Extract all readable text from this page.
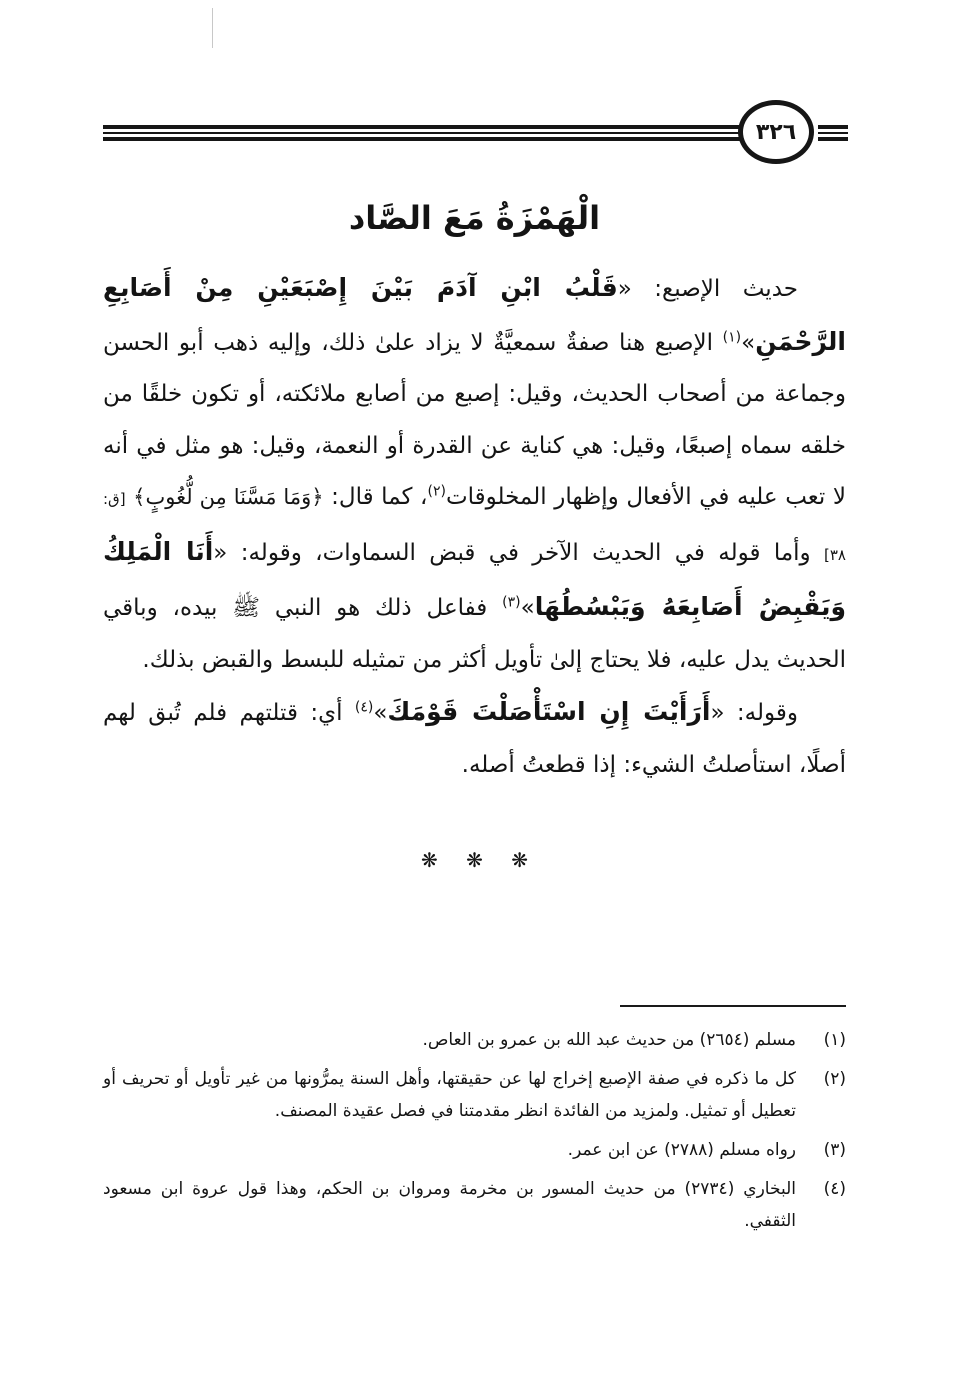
٣٢٦
الْهَمْزَةُ مَعَ الصَّاد

حديث الإصبع: «قَلْبُ ابْنِ آدَمَ بَيْنَ إِصْبَعَيْنِ مِنْ أَصَابِعِ الرَّحْمَنِ»$^{(١)}$ الإصبع هنا صفةٌ سمعيَّةٌ لا يزاد علىٰ ذلك، وإليه ذهب أبو الحسن وجماعة من أصحاب الحديث، وقيل: إصبع من أصابع ملائكته، أو تكون خلقًا من خلقه سماه إصبعًا، وقيل: هي كناية عن القدرة أو النعمة، وقيل: هو مثل في أنه لا تعب عليه في الأفعال وإظهار المخلوقات$^{(٢)}$، كما قال: ﴿وَمَا مَسَّنَا مِن لُّغُوبٍ﴾ [ق: ٣٨] وأما قوله في الحديث الآخر في قبض السماوات، وقوله: «أَنَا الْمَلِكُ وَيَقْبِضُ أَصَابِعَهُ وَيَبْسُطُهَا»$^{(٣)}$ ففاعل ذلك هو النبي ﷺ بيده، وباقي الحديث يدل عليه، فلا يحتاج إلىٰ تأويل أكثر من تمثيله للبسط والقبض بذلك.

وقوله: «أَرَأَيْتَ إِنِ اسْتَأْصَلْتَ قَوْمَكَ»$^{(٤)}$ أي: قتلتهم فلم تُبق لهم أصلًا، استأصلتُ الشيء: إذا قطعتُ أصله.

❋ ❋ ❋
(١)
مسلم (٢٦٥٤) من حديث عبد الله بن عمرو بن العاص.
(٢)
كل ما ذكره في صفة الإصبع إخراج لها عن حقيقتها، وأهل السنة يمرُّونها من غير تأويل أو تحريف أو تعطيل أو تمثيل. ولمزيد من الفائدة انظر مقدمتنا في فصل عقيدة المصنف.
(٣)
رواه مسلم (٢٧٨٨) عن ابن عمر.
(٤)
البخاري (٢٧٣٤) من حديث المسور بن مخرمة ومروان بن الحكم، وهذا قول عروة ابن مسعود الثقفي.
